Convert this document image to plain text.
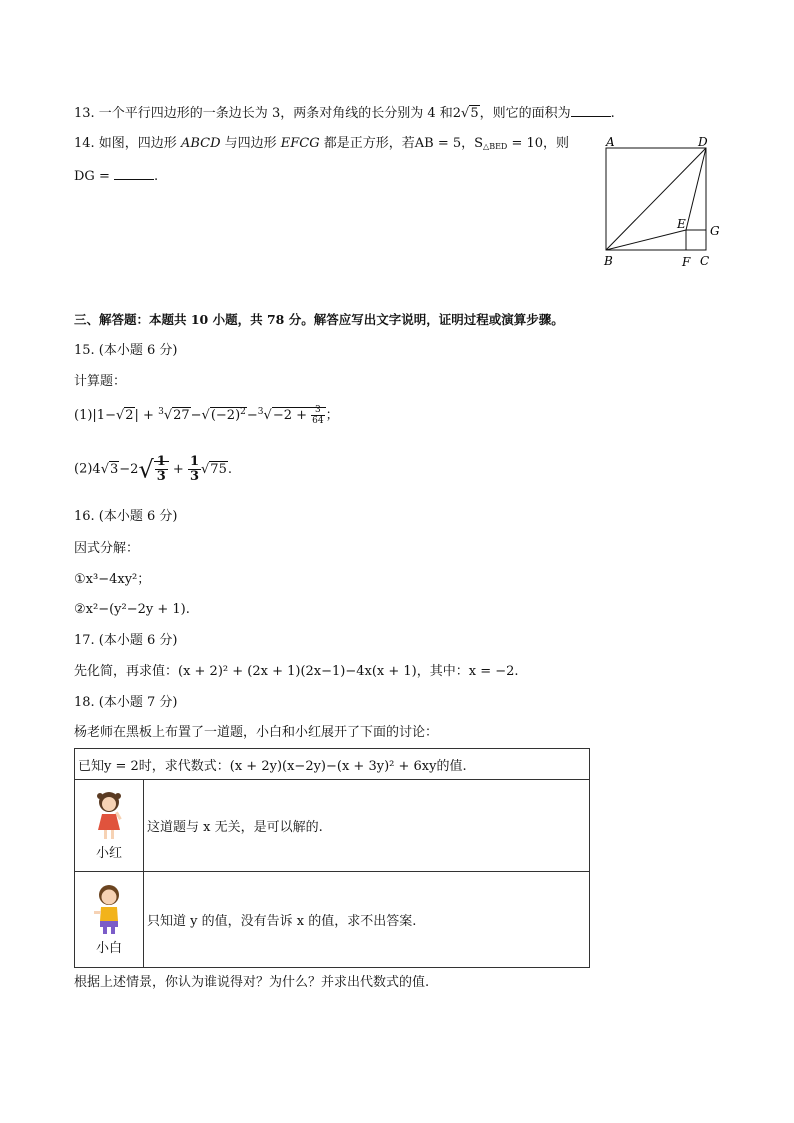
13. 一个平行四边形的一条边长为 3，两条对角线的长分别为 4 和2√5，则它的面积为	.
14. 如图，四边形 ABCD 与四边形 EFCG 都是正方形，若AB = 5，$S_{\triangle BED} = 10$，则
DG =	.
A	D
E G
B	F C
三、解答题：本题共 10 小题，共 78 分。解答应写出文字说明，证明过程或演算步骤。
15. (本小题 6 分)
计算题：
$(1)|1-√2| + ^3√27-√(-2)^2-^3√-2 + \frac{3}{64}$ ；
$(2)4√3-2√ \frac{1}{3} + \frac{1}{3} √75$.
16. (本小题 6 分)
因式分解：
①x³−4xy²；
②x²−(y²−2y + 1).
17. (本小题 6 分)
先化简，再求值：(x + 2)² + (2x + 1)(2x−1)−4x(x + 1)，其中：x = −2.
18. (本小题 7 分)
杨老师在黑板上布置了一道题，小白和小红展开了下面的讨论：
已知y = 2时，求代数式：(x + 2y)(x−2y)−(x + 3y)² + 6xy的值.	

小红	这道题与 x 无关，是可以解的.

小白	只知道 y 的值，没有告诉 x 的值，求不出答案.
根据上述情景，你认为谁说得对？为什么？并求出代数式的值.
